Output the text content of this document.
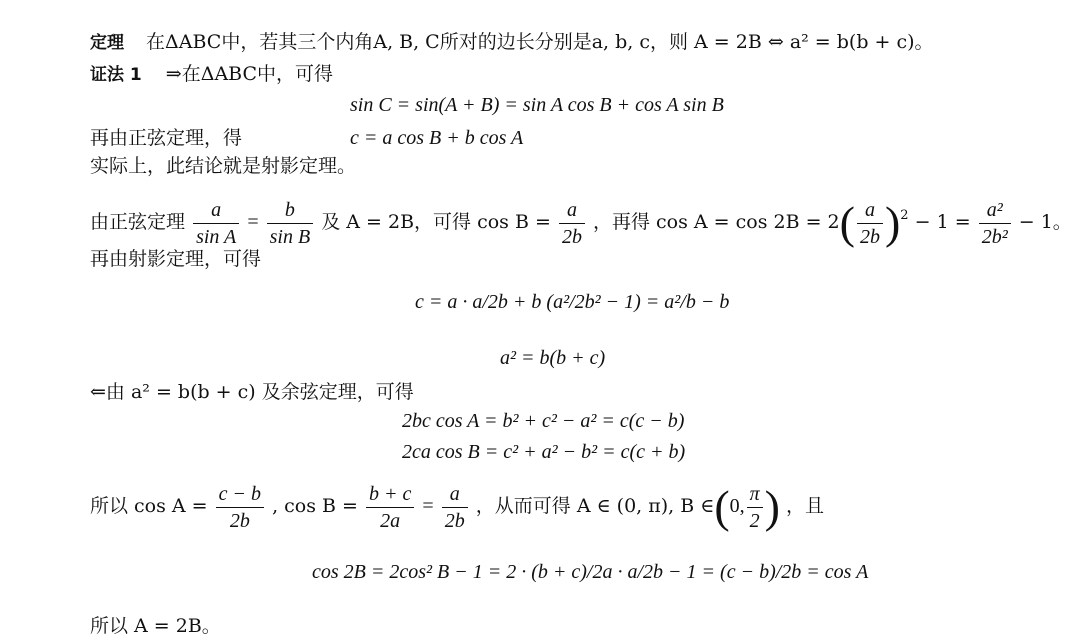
定理 在ΔABC中，若其三个内角A, B, C所对的边长分别是a, b, c，则 A = 2B ⇔ a² = b(b + c)。
证法 1 ⇒在ΔABC中，可得
sin C = sin(A + B) = sin A cos B + cos A sin B
再由正弦定理，得	c = a cos B + b cos A
实际上，此结论就是射影定理。
由正弦定理 $\frac{a}{\text{sin A}} = \frac{b}{\text{sin B}}$ 及 A = 2B，可得 $\cos B = \frac{a}{2b}$ ，再得 $\cos A = \cos 2B = 2( \frac{a}{2b} )^2 - 1 = \frac{\text{a²}}{\text{2b²}} - 1$。
再由射影定理，可得
c = a · a/2b + b (a²/2b² − 1) = a²/b − b
a² = b(b + c)
⇐由 a² = b(b + c) 及余弦定理，可得
2bc cos A = b² + c² − a² = c(c − b)
2ca cos B = c² + a² − b² = c(c + b)
所以 $\cos A = \frac{c - b}{2b}$ , $\cos B = \frac{b + c}{2a} = \frac{a}{2b}$ ，从而可得 A ∈ (0, π), B ∈(0, $\frac{\pi}{2}$ ) ，且
cos 2B = 2cos² B − 1 = 2 · (b + c)/2a · a/2b − 1 = (c − b)/2b = cos A
所以 A = 2B。
